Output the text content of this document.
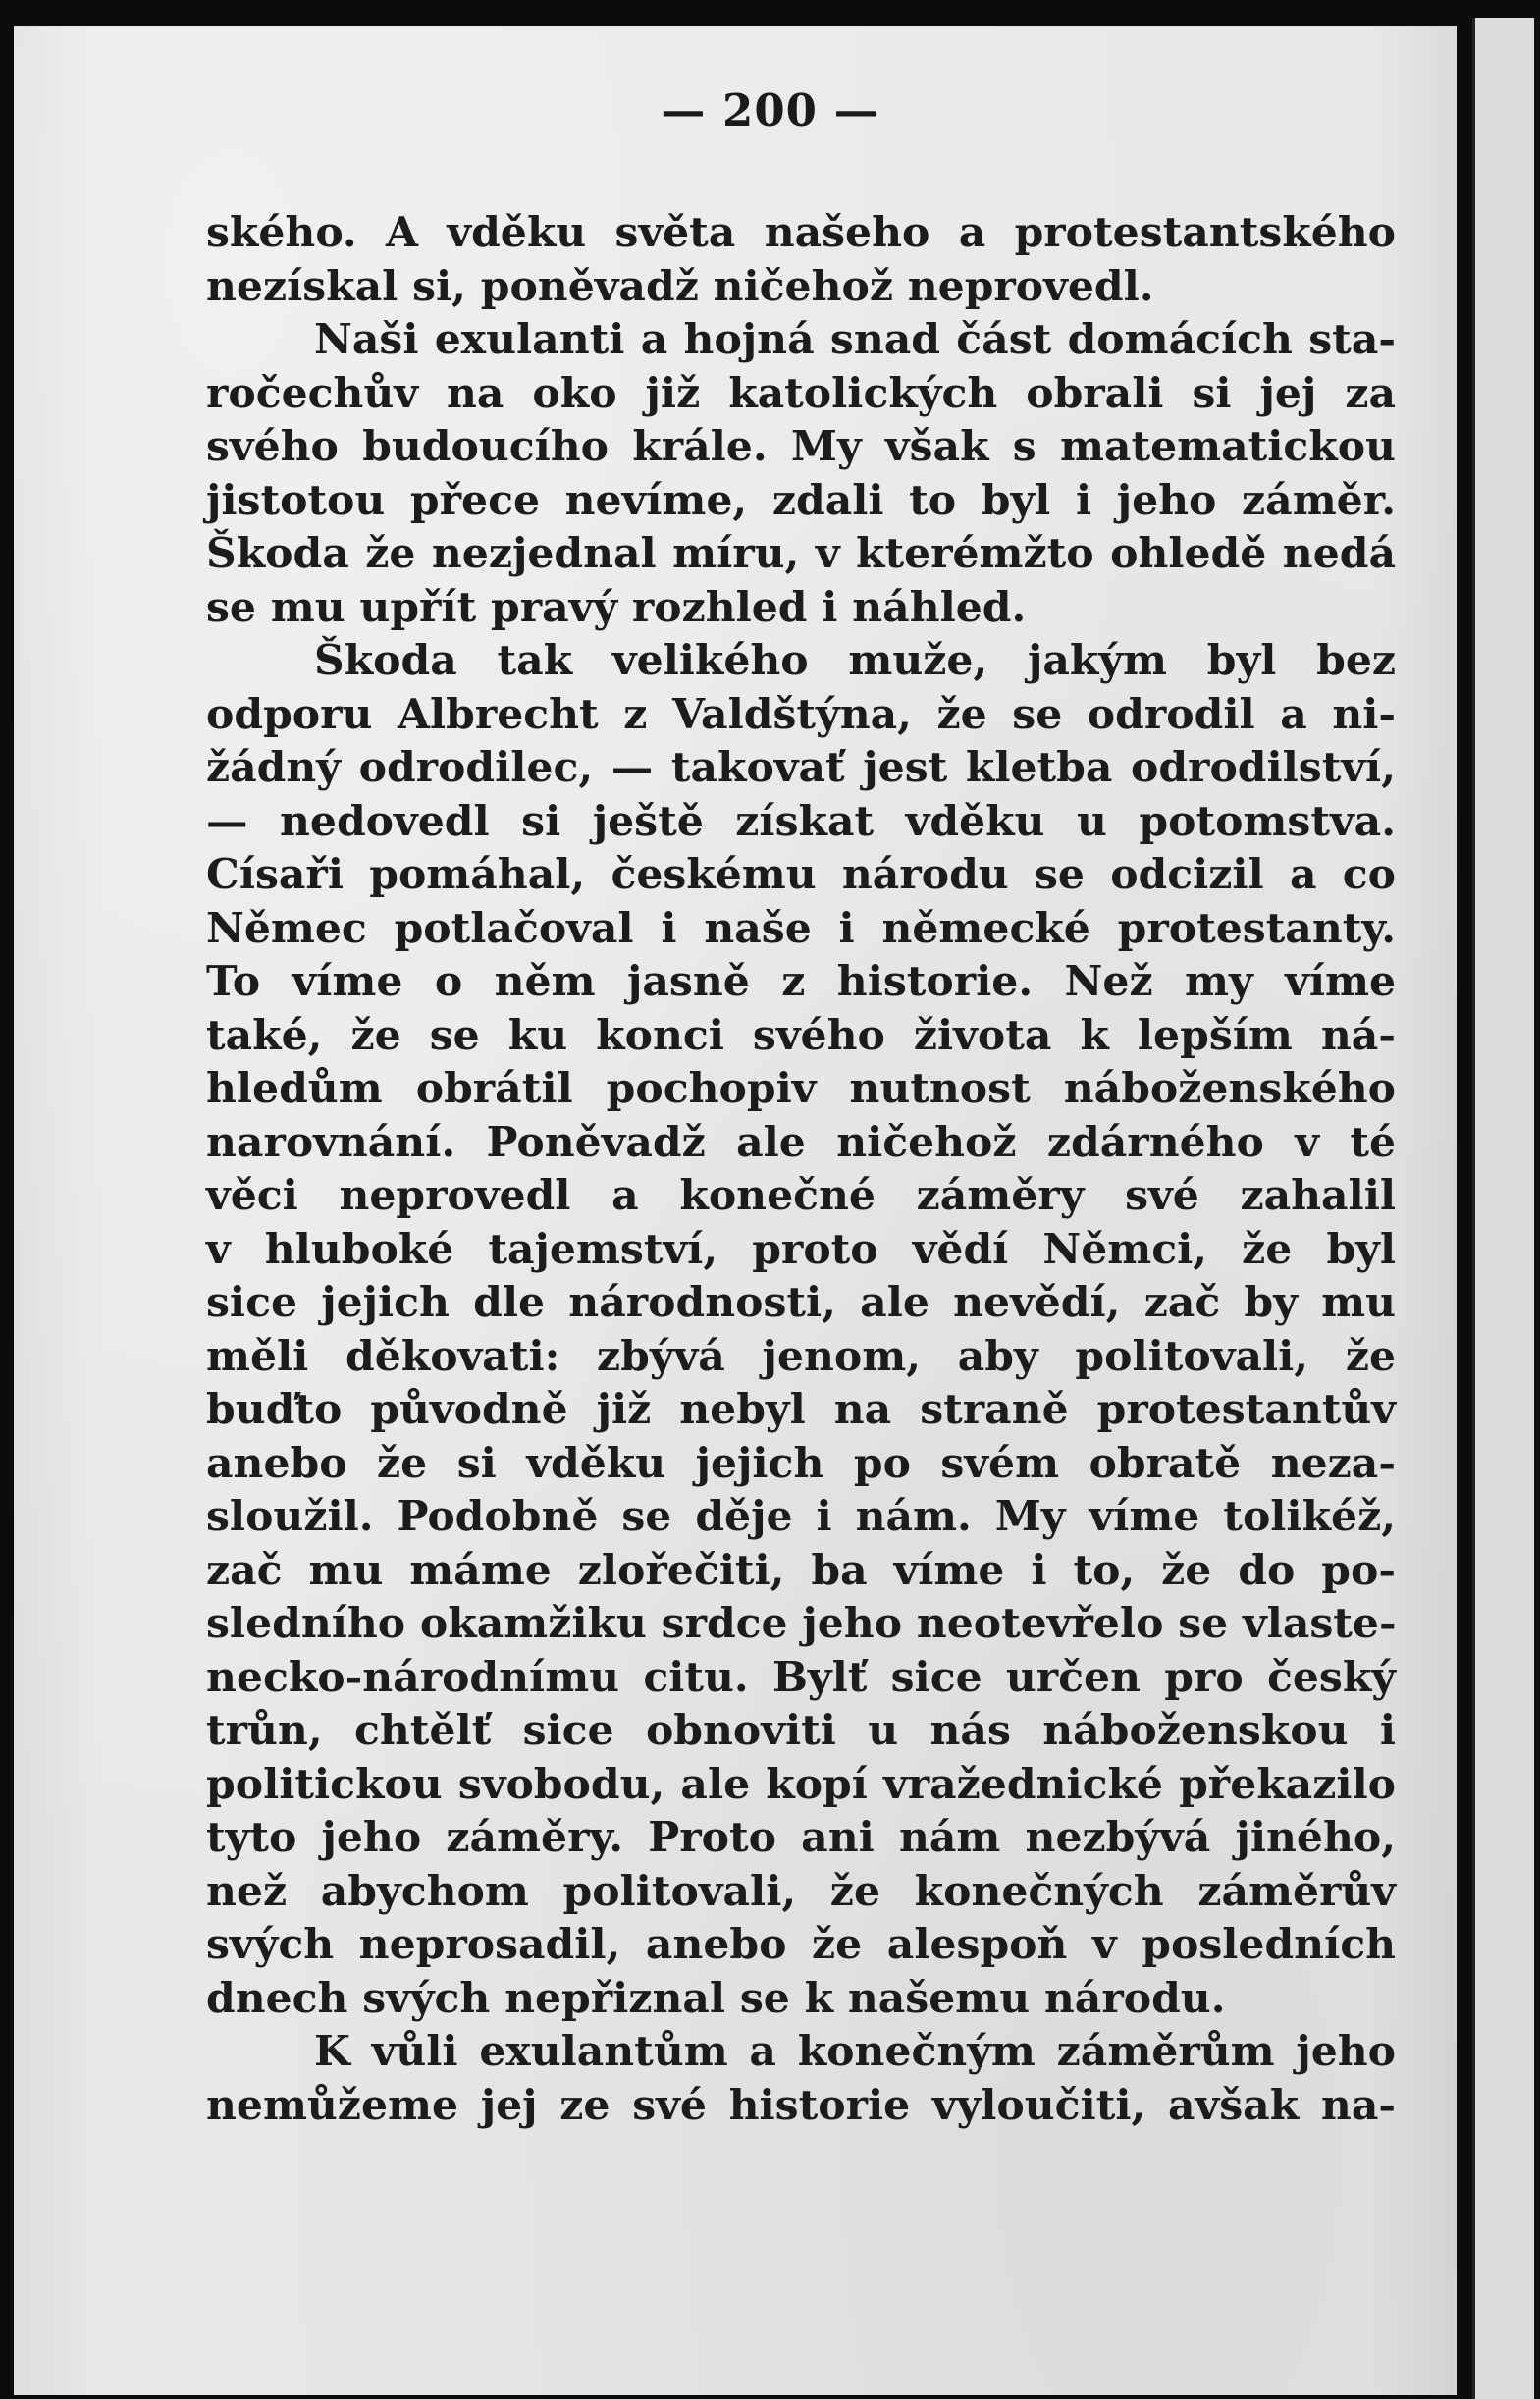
— 200 —
ského. A vděku světa našeho a protestantského
nezískal si, poněvadž ničehož neprovedl.
Naši exulanti a hojná snad část domácích sta-
ročechův na oko již katolických obrali si jej za
svého budoucího krále. My však s matematickou
jistotou přece nevíme, zdali to byl i jeho záměr.
Škoda že nezjednal míru, v kterémžto ohledě nedá
se mu upřít pravý rozhled i náhled.
Škoda tak velikého muže, jakým byl bez
odporu Albrecht z Valdštýna, že se odrodil a ni-
žádný odrodilec, — takovať jest kletba odrodilství,
— nedovedl si ještě získat vděku u potomstva.
Císaři pomáhal, českému národu se odcizil a co
Němec potlačoval i naše i německé protestanty.
To víme o něm jasně z historie. Než my víme
také, že se ku konci svého života k lepším ná-
hledům obrátil pochopiv nutnost náboženského
narovnání. Poněvadž ale ničehož zdárného v té
věci neprovedl a konečné záměry své zahalil
v hluboké tajemství, proto vědí Němci, že byl
sice jejich dle národnosti, ale nevědí, zač by mu
měli děkovati: zbývá jenom, aby politovali, že
buďto původně již nebyl na straně protestantův
anebo že si vděku jejich po svém obratě neza-
sloužil. Podobně se děje i nám. My víme tolikéž,
zač mu máme zlořečiti, ba víme i to, že do po-
sledního okamžiku srdce jeho neotevřelo se vlaste-
necko-národnímu citu. Bylť sice určen pro český
trůn, chtělť sice obnoviti u nás náboženskou i
politickou svobodu, ale kopí vražednické překazilo
tyto jeho záměry. Proto ani nám nezbývá jiného,
než abychom politovali, že konečných záměrův
svých neprosadil, anebo že alespoň v posledních
dnech svých nepřiznal se k našemu národu.
K vůli exulantům a konečným záměrům jeho
nemůžeme jej ze své historie vyloučiti, avšak na-
